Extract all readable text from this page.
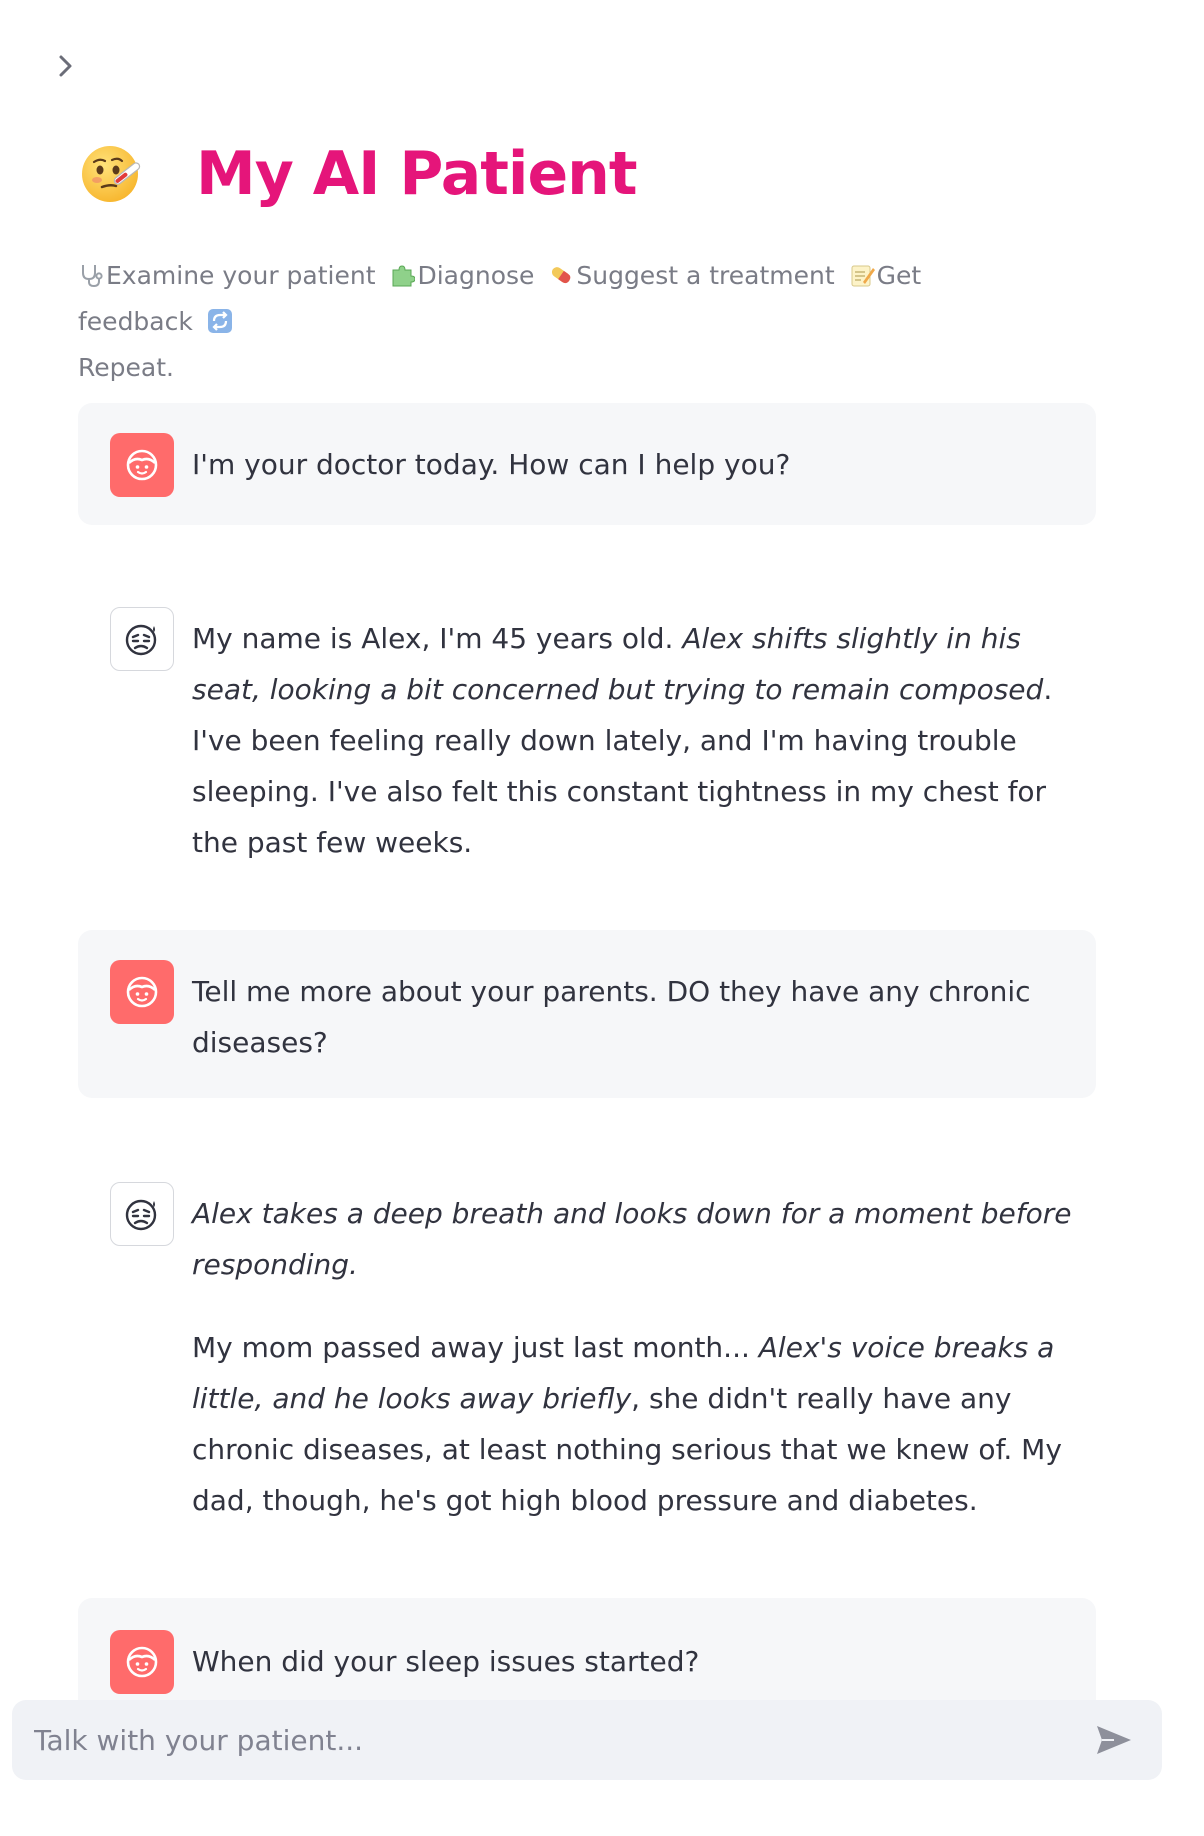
My AI Patient
Examine your patient Diagnose Suggest a treatment Get feedback
Repeat.

I'm your doctor today. How can I help you?

My name is Alex, I'm 45 years old. Alex shifts slightly in his seat, looking a bit concerned but trying to remain composed. I've been feeling really down lately, and I'm having trouble sleeping. I've also felt this constant tightness in my chest for the past few weeks.

Tell me more about your parents. DO they have any chronic diseases?

Alex takes a deep breath and looks down for a moment before responding.

My mom passed away just last month... Alex's voice breaks a little, and he looks away briefly, she didn't really have any chronic diseases, at least nothing serious that we knew of. My dad, though, he's got high blood pressure and diabetes.

When did your sleep issues started?

Talk with your patient...
